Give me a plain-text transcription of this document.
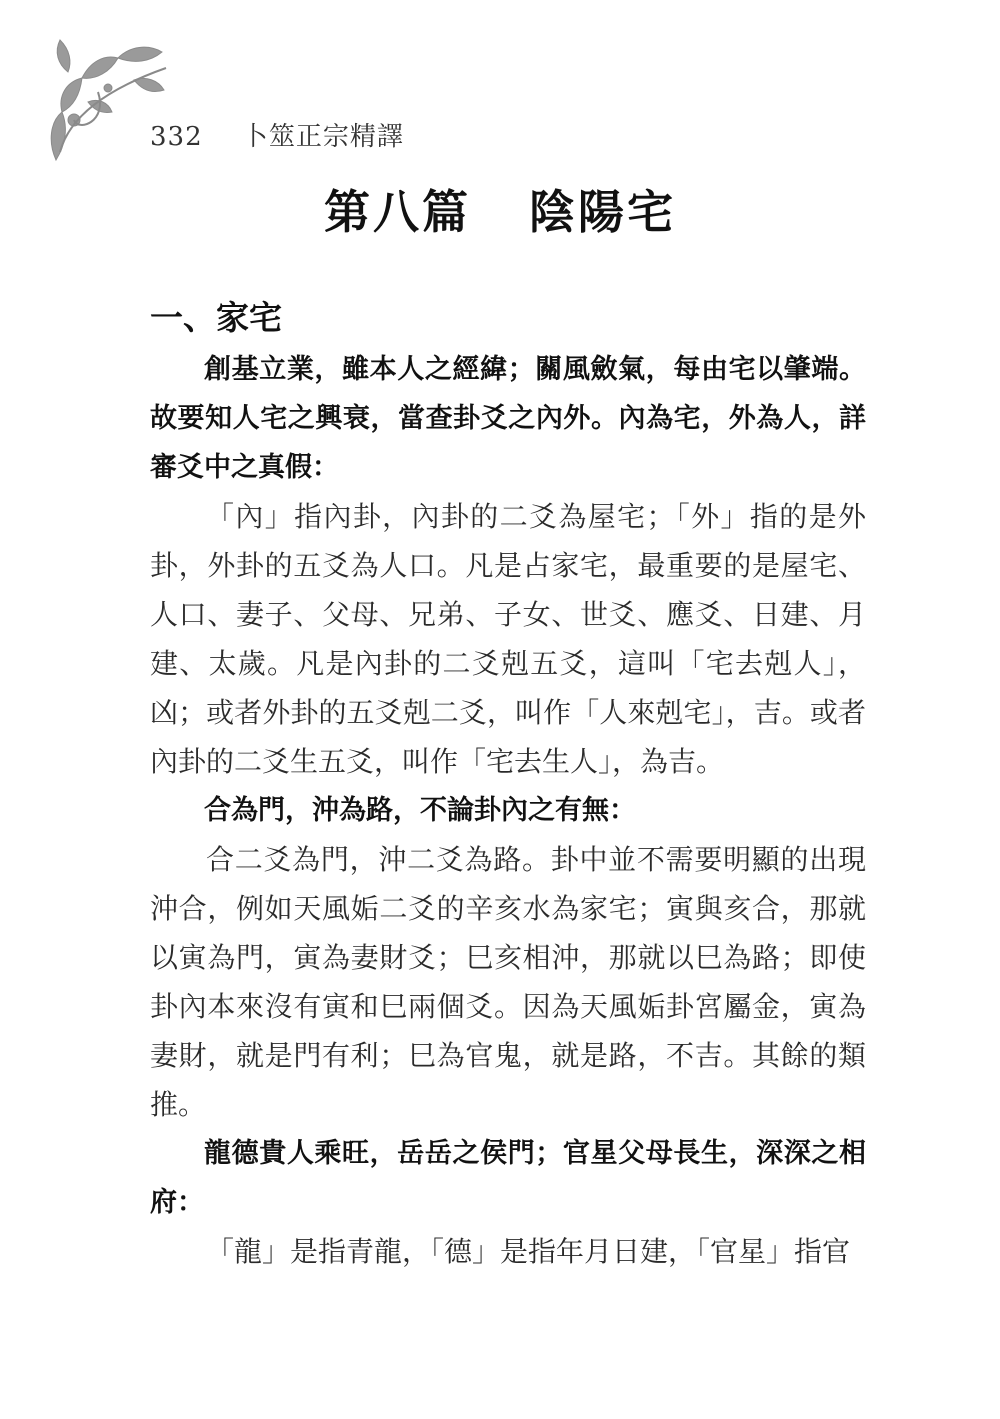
332 卜筮正宗精譯
第八篇 陰陽宅
一、家宅

創基立業，雖本人之經緯；關風斂氣，每由宅以肇端。故要知人宅之興衰，當查卦爻之內外。內為宅，外為人，詳審爻中之真假：

「內」指內卦，內卦的二爻為屋宅；「外」指的是外卦，外卦的五爻為人口。凡是占家宅，最重要的是屋宅、人口、妻子、父母、兄弟、子女、世爻、應爻、日建、月建、太歲。凡是內卦的二爻剋五爻，這叫「宅去剋人」，凶；或者外卦的五爻剋二爻，叫作「人來剋宅」，吉。或者內卦的二爻生五爻，叫作「宅去生人」，為吉。

合為門，沖為路，不論卦內之有無：

合二爻為門，沖二爻為路。卦中並不需要明顯的出現沖合，例如天風姤二爻的辛亥水為家宅；寅與亥合，那就以寅為門，寅為妻財爻；巳亥相沖，那就以巳為路；即使卦內本來沒有寅和巳兩個爻。因為天風姤卦宮屬金，寅為妻財，就是門有利；巳為官鬼，就是路，不吉。其餘的類推。

龍德貴人乘旺，岳岳之侯門；官星父母長生，深深之相府：

「龍」是指青龍，「德」是指年月日建，「官星」指官
